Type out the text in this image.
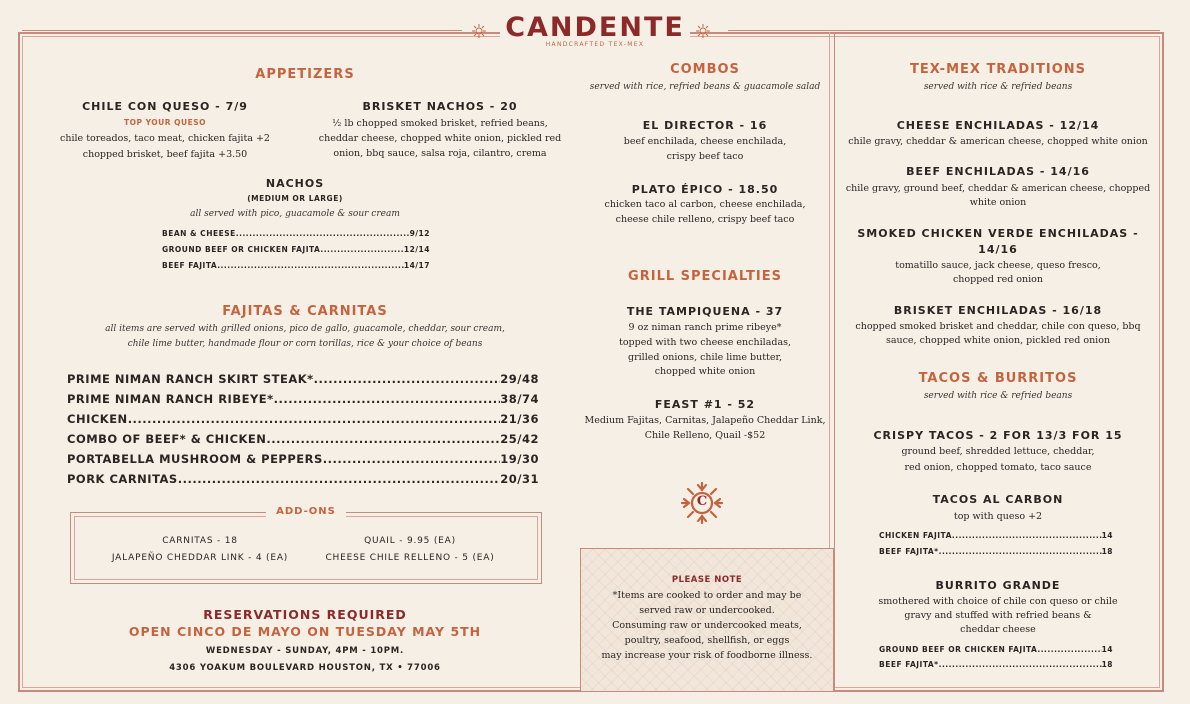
CANDENTE
HANDCRAFTED TEX-MEX
APPETIZERS
CHILE CON QUESO - 7/9
TOP YOUR QUESO
chile toreados, taco meat, chicken fajita +2
chopped brisket, beef fajita +3.50
BRISKET NACHOS - 20
½ lb chopped smoked brisket, refried beans,
cheddar cheese, chopped white onion, pickled red
onion, bbq sauce, salsa roja, cilantro, crema
NACHOS
(MEDIUM OR LARGE)
all served with pico, guacamole & sour cream
BEAN & CHEESE .....	9/12
GROUND BEEF OR CHICKEN FAJITA .....	12/14
BEEF FAJITA .....	14/17
FAJITAS & CARNITAS
all items are served with grilled onions, pico de gallo, guacamole, cheddar, sour cream,
chile lime butter, handmade flour or corn torillas, rice & your choice of beans
PRIME NIMAN RANCH SKIRT STEAK* .....	29/48
PRIME NIMAN RANCH RIBEYE* .....	38/74
CHICKEN .....	21/36
COMBO OF BEEF* & CHICKEN .....	25/42
PORTABELLA MUSHROOM & PEPPERS .....	19/30
PORK CARNITAS .....	20/31
ADD-ONS
CARNITAS - 18	QUAIL - 9.95 (EA)
JALAPEÑO CHEDDAR LINK - 4 (EA)	CHEESE CHILE RELLENO - 5 (EA)
RESERVATIONS REQUIRED
OPEN CINCO DE MAYO ON TUESDAY MAY 5TH
WEDNESDAY - SUNDAY, 4PM - 10PM.
4306 YOAKUM BOULEVARD HOUSTON, TX • 77006
COMBOS
served with rice, refried beans & guacamole salad
EL DIRECTOR - 16
beef enchilada, cheese enchilada,
crispy beef taco
PLATO ÉPICO - 18.50
chicken taco al carbon, cheese enchilada,
cheese chile relleno, crispy beef taco
GRILL SPECIALTIES
THE TAMPIQUENA - 37
9 oz niman ranch prime ribeye*
topped with two cheese enchiladas,
grilled onions, chile lime butter,
chopped white onion
FEAST #1 - 52
Medium Fajitas, Carnitas, Jalapeño Cheddar Link,
Chile Relleno, Quail -$52
C
PLEASE NOTE
*Items are cooked to order and may be
served raw or undercooked.
Consuming raw or undercooked meats,
poultry, seafood, shellfish, or eggs
may increase your risk of foodborne illness.
TEX-MEX TRADITIONS
served with rice & refried beans
CHEESE ENCHILADAS - 12/14
chile gravy, cheddar & american cheese, chopped white onion
BEEF ENCHILADAS - 14/16
chile gravy, ground beef, cheddar & american cheese, chopped
white onion
SMOKED CHICKEN VERDE ENCHILADAS -
14/16
tomatillo sauce, jack cheese, queso fresco,
chopped red onion
BRISKET ENCHILADAS - 16/18
chopped smoked brisket and cheddar, chile con queso, bbq
sauce, chopped white onion, pickled red onion
TACOS & BURRITOS
served with rice & refried beans
CRISPY TACOS - 2 FOR 13/3 FOR 15
ground beef, shredded lettuce, cheddar,
red onion, chopped tomato, taco sauce
TACOS AL CARBON
top with queso +2
CHICKEN FAJITA .....	14
BEEF FAJITA* .....	18
BURRITO GRANDE
smothered with choice of chile con queso or chile
gravy and stuffed with refried beans &
cheddar cheese
GROUND BEEF OR CHICKEN FAJITA .....	14
BEEF FAJITA* .....	18
